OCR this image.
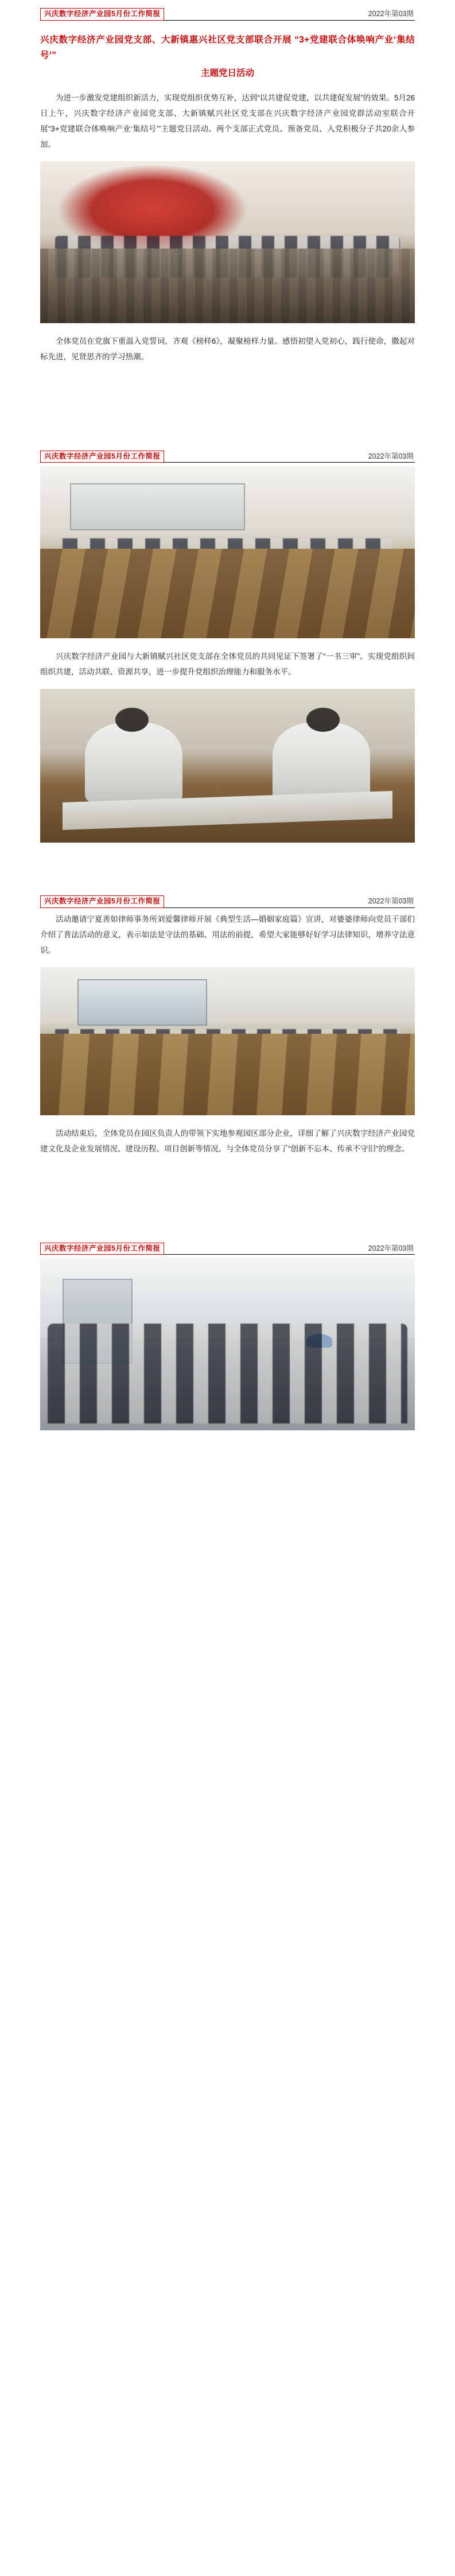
兴庆数字经济产业园5月份工作简报	2022年第03期
兴庆数字经济产业园党支部、大新镇惠兴社区党支部联合开展 “3+党建联合体唤响产业‘集结号’”
主题党日活动

为进一步激发党建组织新活力，实现党组织优势互补，达到“以共建促党建，以共建促发展”的效果。5月26日上午，兴庆数字经济产业园党支部、大新镇赋兴社区党支部在兴庆数字经济产业园党群活动室联合开展“3+党建联合体唤响产业‘集结号’”主题党日活动。两个支部正式党员、预备党员、入党积极分子共20余人参加。

全体党员在党旗下重温入党誓词，齐观《榜样6》，凝聚榜样力量。感悟初望入党初心，践行使命，撒起对标先进，见贤思齐的学习热潮。

兴庆数字经济产业园5月份工作简报	2022年第03期

兴庆数字经济产业园与大新镇赋兴社区党支部在全体党员的共同见证下签署了“一书三审”。实现党组织间组织共建，活动共联、资源共享，进一步提升党组织治理能力和服务水平。

兴庆数字经济产业园5月份工作简报	2022年第03期

活动邀请宁夏善如律师事务所刘爱馨律师开展《典型生活—婚姻家庭篇》宣讲，对婆婆律师向党员干部们介绍了普法活动的意义，表示如法是守法的基础、用法的前提，希望大家能够好好学习法律知识，增养守法意识。

活动结束后，全体党员在园区负责人的带领下实地参观园区部分企业，详细了解了兴庆数字经济产业园党建文化及企业发展情况、建设历程、项目创新等情况。与全体党员分享了“创新不忘本、传承不守旧”的理念。

兴庆数字经济产业园5月份工作简报	2022年第03期
